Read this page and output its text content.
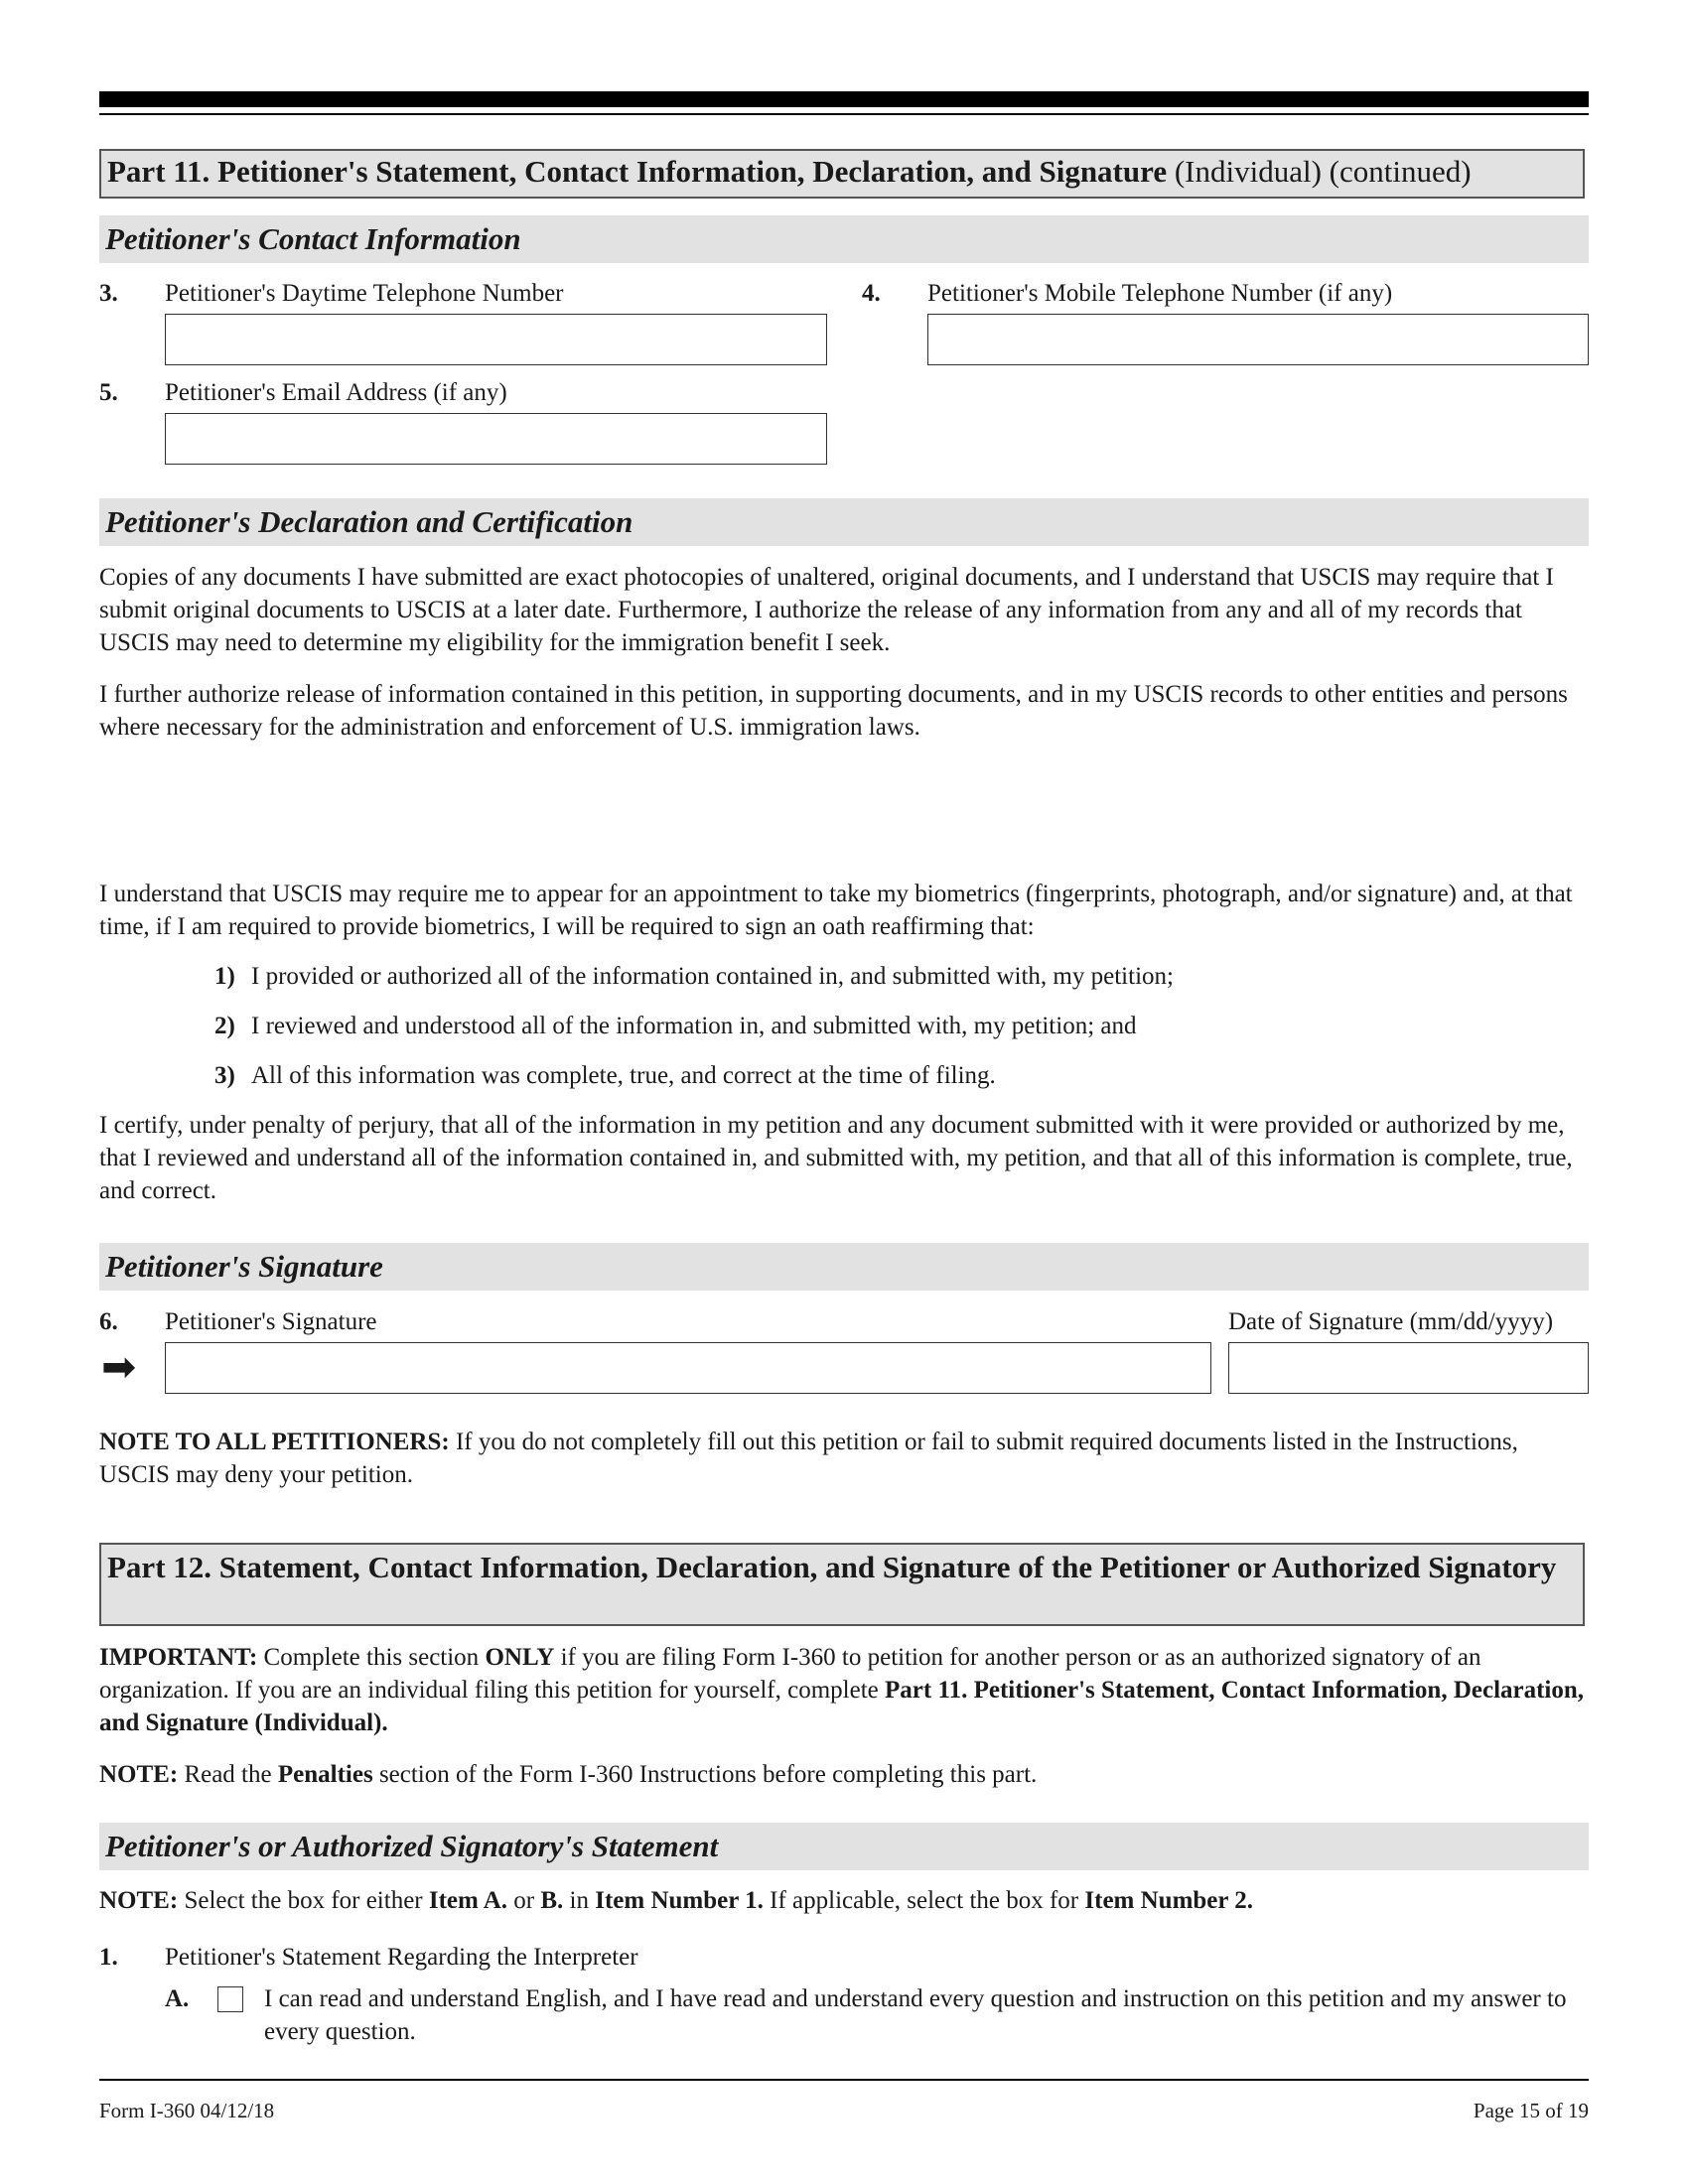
Part 11. Petitioner's Statement, Contact Information, Declaration, and Signature (Individual) (continued)
Petitioner's Contact Information
3. Petitioner's Daytime Telephone Number	4. Petitioner's Mobile Telephone Number (if any)
5. Petitioner's Email Address (if any)
Petitioner's Declaration and Certification
Copies of any documents I have submitted are exact photocopies of unaltered, original documents, and I understand that USCIS may require that I submit original documents to USCIS at a later date. Furthermore, I authorize the release of any information from any and all of my records that USCIS may need to determine my eligibility for the immigration benefit I seek.
I further authorize release of information contained in this petition, in supporting documents, and in my USCIS records to other entities and persons where necessary for the administration and enforcement of U.S. immigration laws.
I understand that USCIS may require me to appear for an appointment to take my biometrics (fingerprints, photograph, and/or signature) and, at that time, if I am required to provide biometrics, I will be required to sign an oath reaffirming that:
1) I provided or authorized all of the information contained in, and submitted with, my petition;
2) I reviewed and understood all of the information in, and submitted with, my petition; and
3) All of this information was complete, true, and correct at the time of filing.
I certify, under penalty of perjury, that all of the information in my petition and any document submitted with it were provided or authorized by me, that I reviewed and understand all of the information contained in, and submitted with, my petition, and that all of this information is complete, true, and correct.
Petitioner's Signature
6. Petitioner's Signature	Date of Signature (mm/dd/yyyy)
➡
NOTE TO ALL PETITIONERS: If you do not completely fill out this petition or fail to submit required documents listed in the Instructions, USCIS may deny your petition.
Part 12. Statement, Contact Information, Declaration, and Signature of the Petitioner or Authorized Signatory
IMPORTANT: Complete this section ONLY if you are filing Form I-360 to petition for another person or as an authorized signatory of an organization. If you are an individual filing this petition for yourself, complete Part 11. Petitioner's Statement, Contact Information, Declaration, and Signature (Individual).
NOTE: Read the Penalties section of the Form I-360 Instructions before completing this part.
Petitioner's or Authorized Signatory's Statement
NOTE: Select the box for either Item A. or B. in Item Number 1. If applicable, select the box for Item Number 2.
1. Petitioner's Statement Regarding the Interpreter
A.	I can read and understand English, and I have read and understand every question and instruction on this petition and my answer to every question.
Form I-360 04/12/18	Page 15 of 19
